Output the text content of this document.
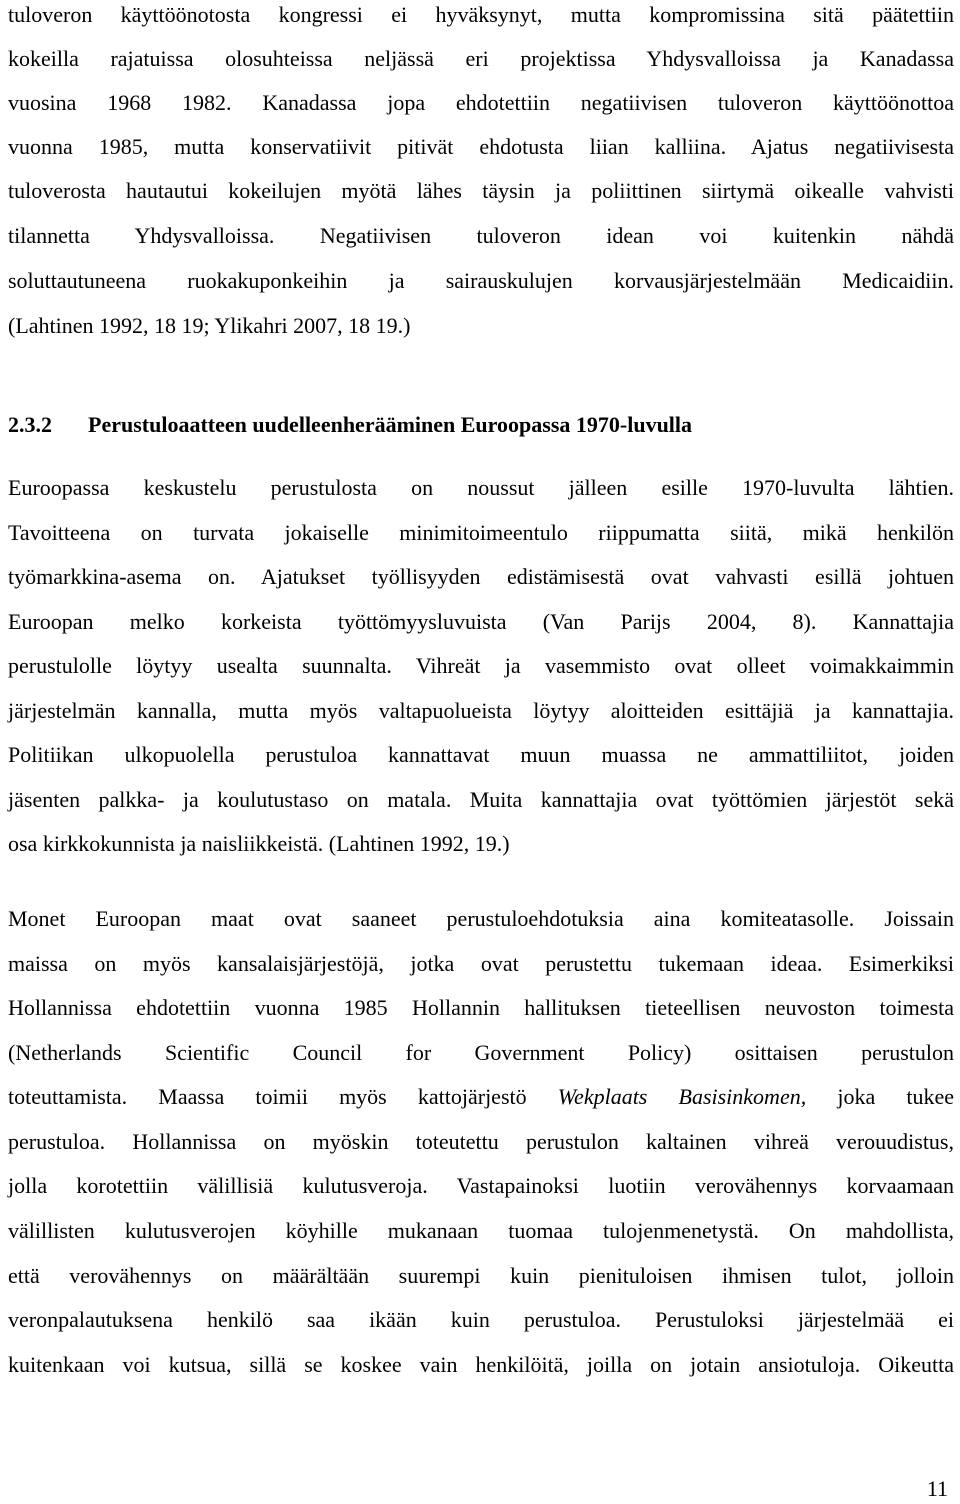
tuloveron käyttöönotosta kongressi ei hyväksynyt, mutta kompromissina sitä päätettiin
kokeilla rajatuissa olosuhteissa neljässä eri projektissa Yhdysvalloissa ja Kanadassa
vuosina 1968 1982. Kanadassa jopa ehdotettiin negatiivisen tuloveron käyttöönottoa
vuonna 1985, mutta konservatiivit pitivät ehdotusta liian kalliina. Ajatus negatiivisesta
tuloverosta hautautui kokeilujen myötä lähes täysin ja poliittinen siirtymä oikealle vahvisti
tilannetta Yhdysvalloissa. Negatiivisen tuloveron idean voi kuitenkin nähdä
soluttautuneena ruokakuponkeihin ja sairauskulujen korvausjärjestelmään Medicaidiin.
(Lahtinen 1992, 18 19; Ylikahri 2007, 18 19.)
2.3.2 Perustuloaatteen uudelleenherääminen Euroopassa 1970-luvulla
Euroopassa keskustelu perustulosta on noussut jälleen esille 1970-luvulta lähtien.
Tavoitteena on turvata jokaiselle minimitoimeentulo riippumatta siitä, mikä henkilön
työmarkkina-asema on. Ajatukset työllisyyden edistämisestä ovat vahvasti esillä johtuen
Euroopan melko korkeista työttömyysluvuista (Van Parijs 2004, 8). Kannattajia
perustulolle löytyy usealta suunnalta. Vihreät ja vasemmisto ovat olleet voimakkaimmin
järjestelmän kannalla, mutta myös valtapuolueista löytyy aloitteiden esittäjiä ja kannattajia.
Politiikan ulkopuolella perustuloa kannattavat muun muassa ne ammattiliitot, joiden
jäsenten palkka- ja koulutustaso on matala. Muita kannattajia ovat työttömien järjestöt sekä
osa kirkkokunnista ja naisliikkeistä. (Lahtinen 1992, 19.)
Monet Euroopan maat ovat saaneet perustuloehdotuksia aina komiteatasolle. Joissain
maissa on myös kansalaisjärjestöjä, jotka ovat perustettu tukemaan ideaa. Esimerkiksi
Hollannissa ehdotettiin vuonna 1985 Hollannin hallituksen tieteellisen neuvoston toimesta
(Netherlands Scientific Council for Government Policy) osittaisen perustulon
toteuttamista. Maassa toimii myös kattojärjestö Wekplaats Basisinkomen, joka tukee
perustuloa. Hollannissa on myöskin toteutettu perustulon kaltainen vihreä verouudistus,
jolla korotettiin välillisiä kulutusveroja. Vastapainoksi luotiin verovähennys korvaamaan
välillisten kulutusverojen köyhille mukanaan tuomaa tulojenmenetystä. On mahdollista,
että verovähennys on määrältään suurempi kuin pienituloisen ihmisen tulot, jolloin
veronpalautuksena henkilö saa ikään kuin perustuloa. Perustuloksi järjestelmää ei
kuitenkaan voi kutsua, sillä se koskee vain henkilöitä, joilla on jotain ansiotuloja. Oikeutta
11
